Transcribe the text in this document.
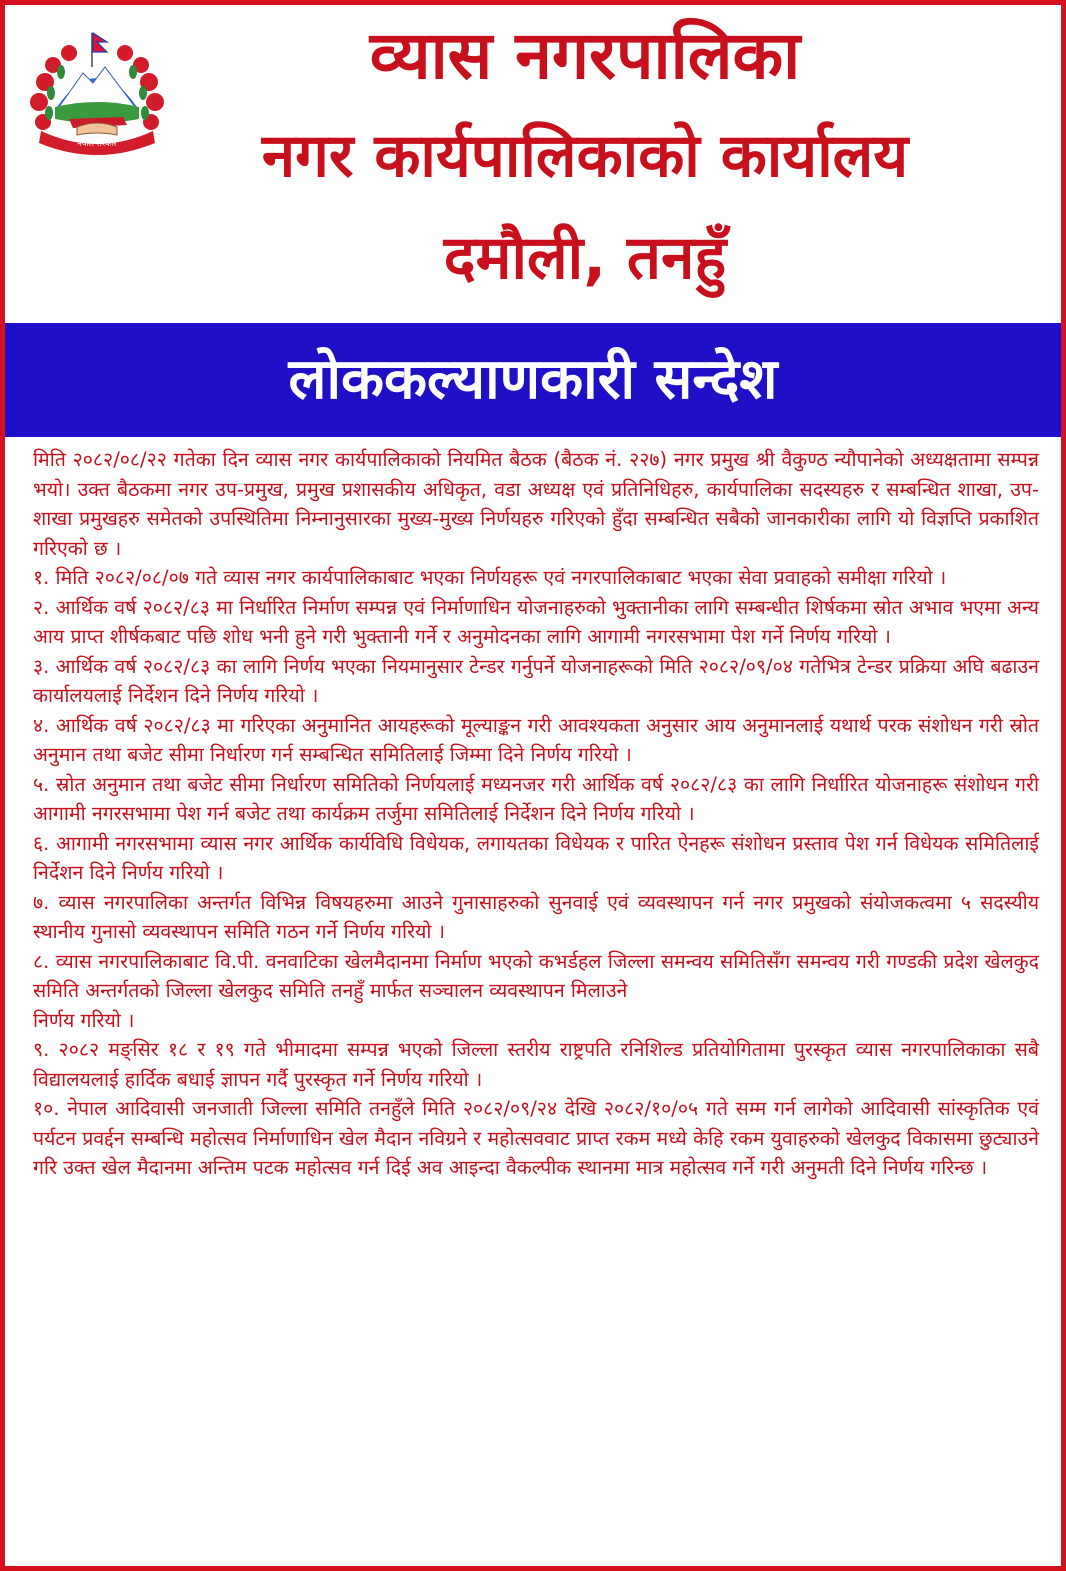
नेपाल सरकार
व्यास नगरपालिका
नगर कार्यपालिकाको कार्यालय
दमौली, तनहुँ
लोककल्याणकारी सन्देश

मिति २०८२/०८/२२ गतेका दिन व्यास नगर कार्यपालिकाको नियमित बैठक (बैठक नं. २२७) नगर प्रमुख श्री वैकुण्ठ न्यौपानेको अध्यक्षतामा सम्पन्न भयो। उक्त बैठकमा नगर उप-प्रमुख, प्रमुख प्रशासकीय अधिकृत, वडा अध्यक्ष एवं प्रतिनिधिहरु, कार्यपालिका सदस्यहरु र सम्बन्धित शाखा, उप-शाखा प्रमुखहरु समेतको उपस्थितिमा निम्नानुसारका मुख्य-मुख्य निर्णयहरु गरिएको हुँदा सम्बन्धित सबैको जानकारीका लागि यो विज्ञप्ति प्रकाशित गरिएको छ ।

१. मिति २०८२/०८/०७ गते व्यास नगर कार्यपालिकाबाट भएका निर्णयहरू एवं नगरपालिकाबाट भएका सेवा प्रवाहको समीक्षा गरियो ।

२. आर्थिक वर्ष २०८२/८३ मा निर्धारित निर्माण सम्पन्न एवं निर्माणाधिन योजनाहरुको भुक्तानीका लागि सम्बन्धीत शिर्षकमा स्रोत अभाव भएमा अन्य आय प्राप्त शीर्षकबाट पछि शोध भनी हुने गरी भुक्तानी गर्ने र अनुमोदनका लागि आगामी नगरसभामा पेश गर्ने निर्णय गरियो ।

३. आर्थिक वर्ष २०८२/८३ का लागि निर्णय भएका नियमानुसार टेन्डर गर्नुपर्ने योजनाहरूको मिति २०८२/०९/०४ गतेभित्र टेन्डर प्रक्रिया अघि बढाउन कार्यालयलाई निर्देशन दिने निर्णय गरियो ।

४. आर्थिक वर्ष २०८२/८३ मा गरिएका अनुमानित आयहरूको मूल्याङ्कन गरी आवश्यकता अनुसार आय अनुमानलाई यथार्थ परक संशोधन गरी स्रोत अनुमान तथा बजेट सीमा निर्धारण गर्न सम्बन्धित समितिलाई जिम्मा दिने निर्णय गरियो ।

५. स्रोत अनुमान तथा बजेट सीमा निर्धारण समितिको निर्णयलाई मध्यनजर गरी आर्थिक वर्ष २०८२/८३ का लागि निर्धारित योजनाहरू संशोधन गरी आगामी नगरसभामा पेश गर्न बजेट तथा कार्यक्रम तर्जुमा समितिलाई निर्देशन दिने निर्णय गरियो ।

६. आगामी नगरसभामा व्यास नगर आर्थिक कार्यविधि विधेयक, लगायतका विधेयक र पारित ऐनहरू संशोधन प्रस्ताव पेश गर्न विधेयक समितिलाई निर्देशन दिने निर्णय गरियो ।

७. व्यास नगरपालिका अन्तर्गत विभिन्न विषयहरुमा आउने गुनासाहरुको सुनवाई एवं व्यवस्थापन गर्न नगर प्रमुखको संयोजकत्वमा ५ सदस्यीय स्थानीय गुनासो व्यवस्थापन समिति गठन गर्ने निर्णय गरियो ।

८. व्यास नगरपालिकाबाट वि.पी. वनवाटिका खेलमैदानमा निर्माण भएको कभर्डहल जिल्ला समन्वय समितिसँग समन्वय गरी गण्डकी प्रदेश खेलकुद समिति अन्तर्गतको जिल्ला खेलकुद समिति तनहुँ मार्फत सञ्चालन व्यवस्थापन मिलाउने

निर्णय गरियो ।

९. २०८२ मङ्सिर १८ र १९ गते भीमादमा सम्पन्न भएको जिल्ला स्तरीय राष्ट्रपति रनिशिल्ड प्रतियोगितामा पुरस्कृत व्यास नगरपालिकाका सबै विद्यालयलाई हार्दिक बधाई ज्ञापन गर्दै पुरस्कृत गर्ने निर्णय गरियो ।

१०. नेपाल आदिवासी जनजाती जिल्ला समिति तनहुँले मिति २०८२/०९/२४ देखि २०८२/१०/०५ गते सम्म गर्न लागेको आदिवासी सांस्कृतिक एवं पर्यटन प्रवर्द्दन सम्बन्धि महोत्सव निर्माणाधिन खेल मैदान नविग्रने र महोत्सववाट प्राप्त रकम मध्ये केहि रकम युवाहरुको खेलकुद विकासमा छुट्याउने गरि उक्त खेल मैदानमा अन्तिम पटक महोत्सव गर्न दिई अव आइन्दा वैकल्पीक स्थानमा मात्र महोत्सव गर्ने गरी अनुमती दिने निर्णय गरिन्छ ।
